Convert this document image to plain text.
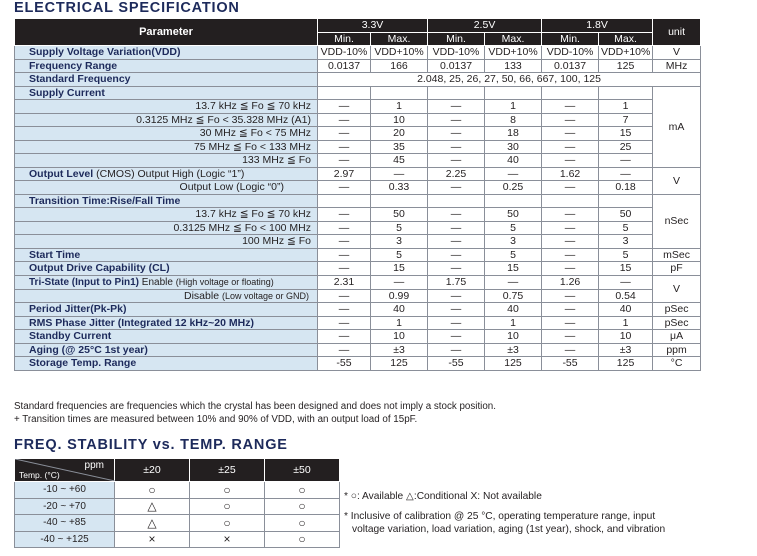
ELECTRICAL SPECIFICATION
Parameter	3.3V		2.5V		1.8V		unit
	Min.	Max.	Min.	Max.	Min.	Max.	
Supply Voltage Variation(VDD)	VDD-10%	VDD+10%	VDD-10%	VDD+10%	VDD-10%	VDD+10%	V
Frequency Range	0.0137	166	0.0137	133	0.0137	125	MHz
Standard Frequency	2.048, 25, 26, 27, 50, 66, 667, 100, 125						
Supply Current							mA
13.7 kHz ≦ Fo ≦ 70 kHz	—	1	—	1	—	1	
0.3125 MHz ≦ Fo < 35.328 MHz (A1)	—	10	—	8	—	7	
30 MHz ≦ Fo < 75 MHz	—	20	—	18	—	15	
75 MHz ≦ Fo < 133 MHz	—	35	—	30	—	25	
133 MHz ≦ Fo	—	45	—	40	—	—	
Output Level (CMOS) Output High (Logic “1”)	2.97	—	2.25	—	1.62	—	V
Output Low (Logic “0”)	—	0.33	—	0.25	—	0.18	
Transition Time:Rise/Fall Time							nSec
13.7 kHz ≦ Fo ≦ 70 kHz	—	50	—	50	—	50	
0.3125 MHz ≦ Fo < 100 MHz	—	5	—	5	—	5	
100 MHz ≦ Fo	—	3	—	3	—	3	
Start Time	—	5	—	5	—	5	mSec
Output Drive Capability (CL)	—	15	—	15	—	15	pF
Tri-State (Input to Pin1) Enable (High voltage or floating)	2.31	—	1.75	—	1.26	—	V
Disable (Low voltage or GND)	—	0.99	—	0.75	—	0.54	
Period Jitter(Pk-Pk)	—	40	—	40	—	40	pSec
RMS Phase Jitter (Integrated 12 kHz~20 MHz)	—	1	—	1	—	1	pSec
Standby Current	—	10	—	10	—	10	μA
Aging (@ 25°C 1st year)	—	±3	—	±3	—	±3	ppm
Storage Temp. Range	-55	125	-55	125	-55	125	°C
Standard frequencies are frequencies which the crystal has been designed and does not imply a stock position.
+ Transition times are measured between 10% and 90% of VDD, with an output load of 15pF.
FREQ. STABILITY vs. TEMP. RANGE
ppm
Temp. (°C)	±20	±25	±50
-10 ~ +60	○	○	○
-20 ~ +70	△	○	○
-40 ~ +85	△	○	○
-40 ~ +125	×	×	○
* ○: Available △:Conditional X: Not available
* Inclusive of calibration @ 25 °C, operating temperature range, input
voltage variation, load variation, aging (1st year), shock, and vibration
